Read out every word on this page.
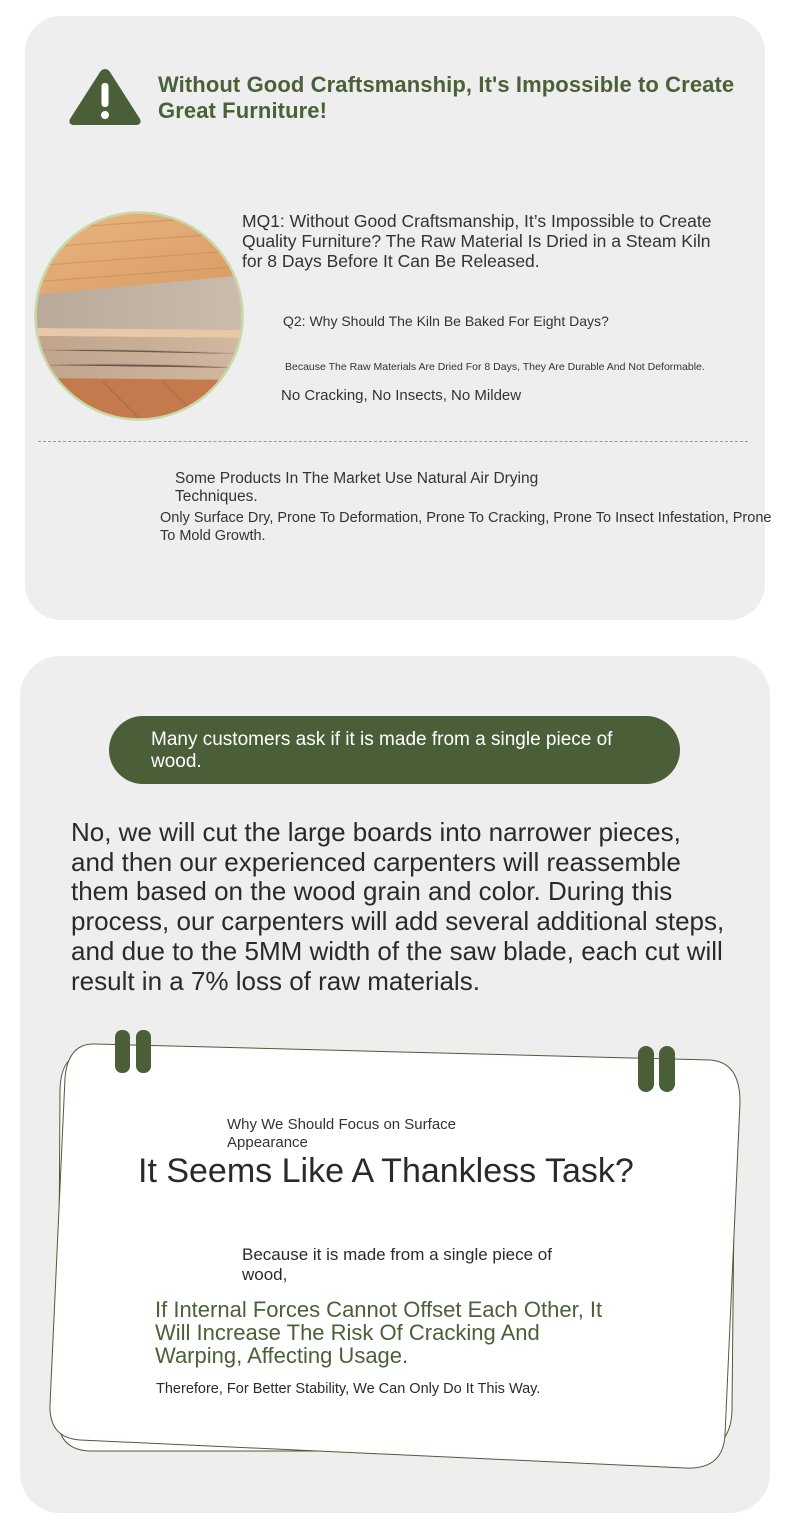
Without Good Craftsmanship, It's Impossible to Create Great Furniture!

MQ1: Without Good Craftsmanship, It’s Impossible to Create Quality Furniture? The Raw Material Is Dried in a Steam Kiln for 8 Days Before It Can Be Released.

Q2: Why Should The Kiln Be Baked For Eight Days?

Because The Raw Materials Are Dried For 8 Days, They Are Durable And Not Deformable.

No Cracking, No Insects, No Mildew

Some Products In The Market Use Natural Air Drying Techniques.

Only Surface Dry, Prone To Deformation, Prone To Cracking, Prone To Insect Infestation, Prone To Mold Growth.

Many customers ask if it is made from a single piece of wood.

No, we will cut the large boards into narrower pieces, and then our experienced carpenters will reassemble them based on the wood grain and color. During this process, our carpenters will add several additional steps, and due to the 5MM width of the saw blade, each cut will result in a 7% loss of raw materials.

Why We Should Focus on Surface Appearance

It Seems Like A Thankless Task?

Because it is made from a single piece of wood,

If Internal Forces Cannot Offset Each Other, It Will Increase The Risk Of Cracking And Warping, Affecting Usage.

Therefore, For Better Stability, We Can Only Do It This Way.
